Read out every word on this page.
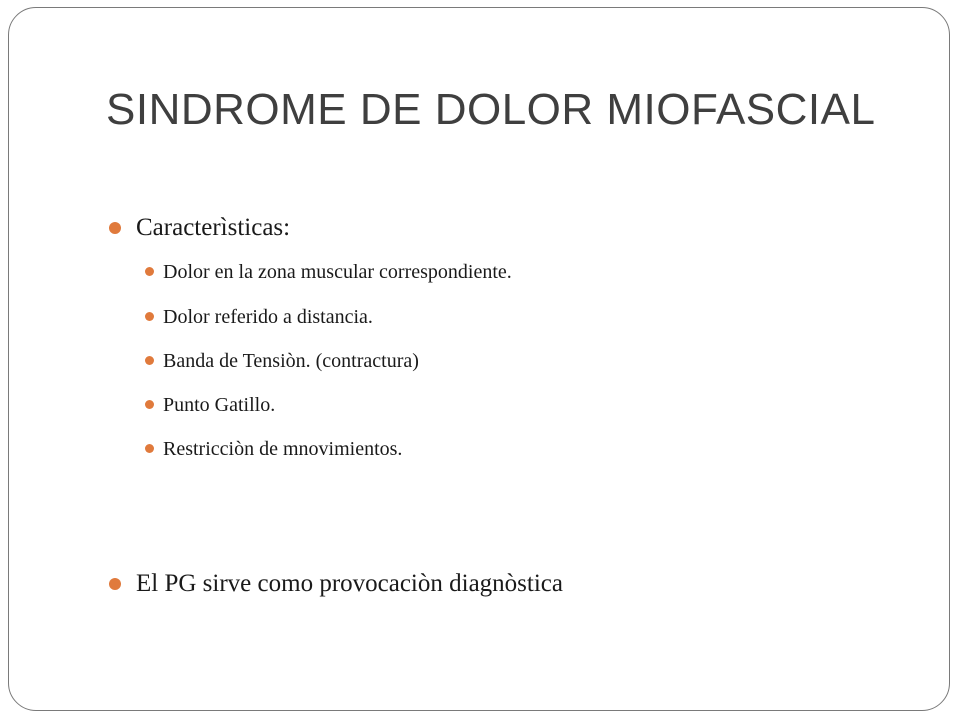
SINDROME DE DOLOR MIOFASCIAL
Caracterìsticas:
Dolor en la zona muscular correspondiente.
Dolor referido a distancia.
Banda de Tensiòn. (contractura)
Punto Gatillo.
Restricciòn de mnovimientos.
El PG sirve como provocaciòn diagnòstica
